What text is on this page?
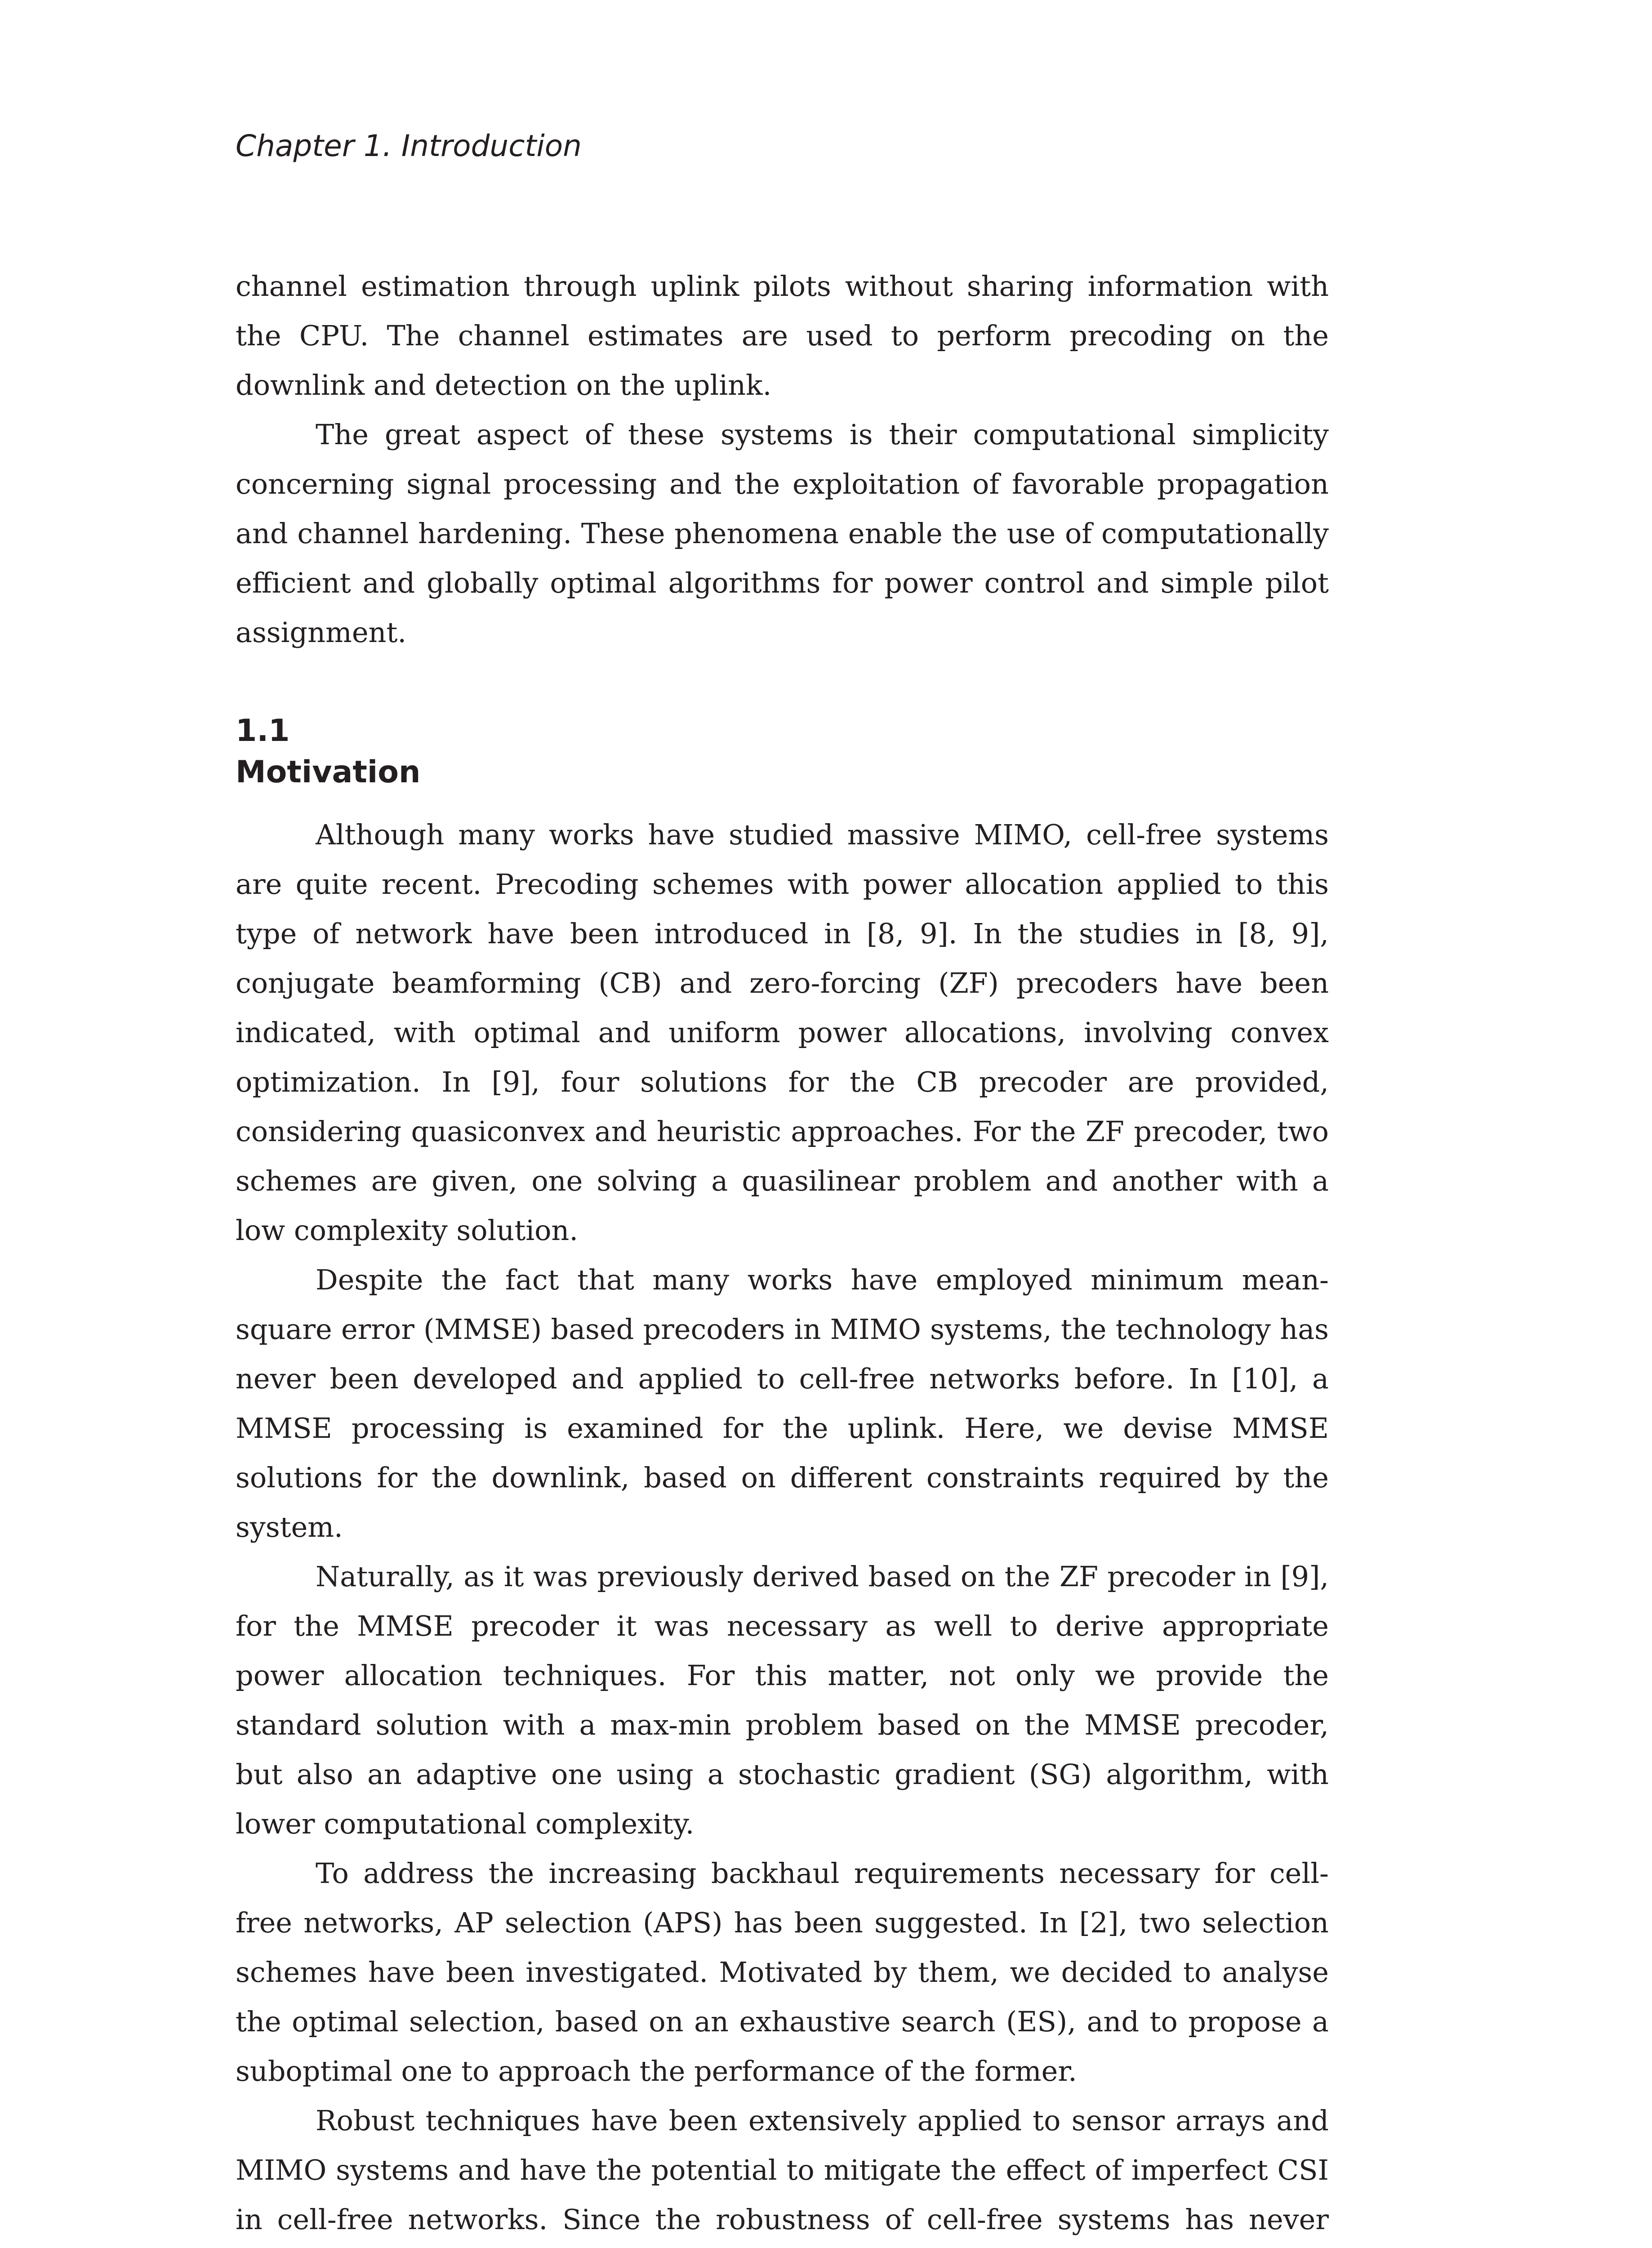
Chapter 1. Introduction

channel estimation through uplink pilots without sharing information with the CPU. The channel estimates are used to perform precoding on the downlink and detection on the uplink.

The great aspect of these systems is their computational simplicity concerning signal processing and the exploitation of favorable propagation and channel hardening. These phenomena enable the use of computationally efficient and globally optimal algorithms for power control and simple pilot assignment.

1.1
Motivation

Although many works have studied massive MIMO, cell-free systems are quite recent. Precoding schemes with power allocation applied to this type of network have been introduced in [8, 9]. In the studies in [8, 9], conjugate beamforming (CB) and zero-forcing (ZF) precoders have been indicated, with optimal and uniform power allocations, involving convex optimization. In [9], four solutions for the CB precoder are provided, considering quasiconvex and heuristic approaches. For the ZF precoder, two schemes are given, one solving a quasilinear problem and another with a low complexity solution.

Despite the fact that many works have employed minimum mean-square error (MMSE) based precoders in MIMO systems, the technology has never been developed and applied to cell-free networks before. In [10], a MMSE processing is examined for the uplink. Here, we devise MMSE solutions for the downlink, based on different constraints required by the system.

Naturally, as it was previously derived based on the ZF precoder in [9], for the MMSE precoder it was necessary as well to derive appropriate power allocation techniques. For this matter, not only we provide the standard solution with a max-min problem based on the MMSE precoder, but also an adaptive one using a stochastic gradient (SG) algorithm, with lower computational complexity.

To address the increasing backhaul requirements necessary for cell-free networks, AP selection (APS) has been suggested. In [2], two selection schemes have been investigated. Motivated by them, we decided to analyse the optimal selection, based on an exhaustive search (ES), and to propose a suboptimal one to approach the performance of the former.

Robust techniques have been extensively applied to sensor arrays and MIMO systems and have the potential to mitigate the effect of imperfect CSI in cell-free networks. Since the robustness of cell-free systems has never
